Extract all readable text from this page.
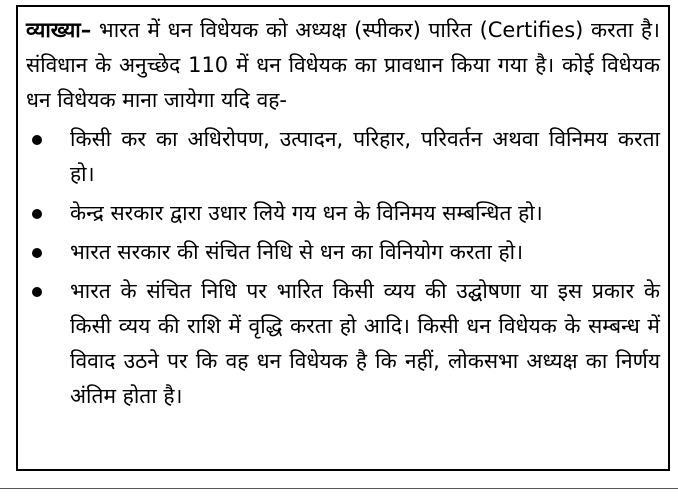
व्याख्या– भारत में धन विधेयक को अध्यक्ष (स्पीकर) पारित (Certifies) करता है। संविधान के अनुच्छेद 110 में धन विधेयक का प्रावधान किया गया है। कोई विधेयक धन विधेयक माना जायेगा यदि वह-

किसी कर का अधिरोपण, उत्पादन, परिहार, परिवर्तन अथवा विनिमय करता हो।
केन्द्र सरकार द्वारा उधार लिये गय धन के विनिमय सम्बन्धित हो।
भारत सरकार की संचित निधि से धन का विनियोग करता हो।
भारत के संचित निधि पर भारित किसी व्यय की उद्घोषणा या इस प्रकार के किसी व्यय की राशि में वृद्धि करता हो आदि। किसी धन विधेयक के सम्बन्ध में विवाद उठने पर कि वह धन विधेयक है कि नहीं, लोकसभा अध्यक्ष का निर्णय अंतिम होता है।
